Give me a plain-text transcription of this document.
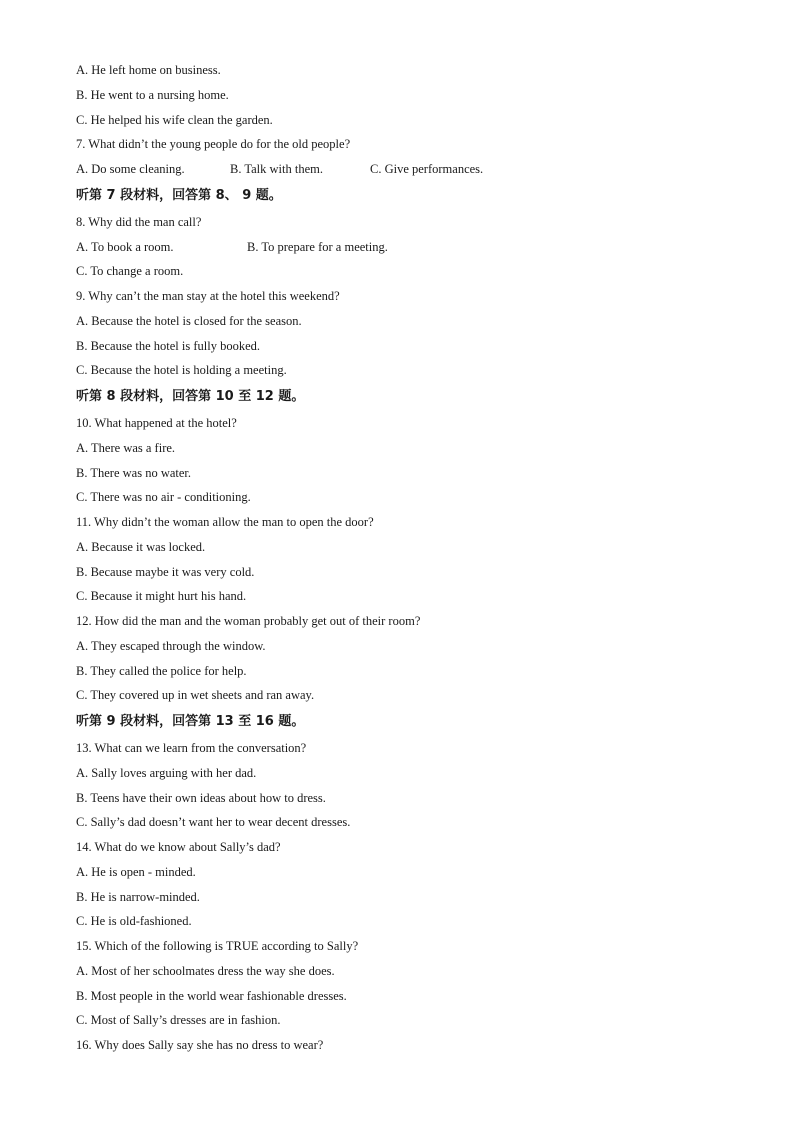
A. He left home on business.
B. He went to a nursing home.
C. He helped his wife clean the garden.
7. What didn’t the young people do for the old people?
A. Do some cleaning.	B. Talk with them.	C. Give performances.
听第 7 段材料，回答第 8、 9 题。
8. Why did the man call?
A. To book a room.	B. To prepare for a meeting.
C. To change a room.
9. Why can’t the man stay at the hotel this weekend?
A. Because the hotel is closed for the season.
B. Because the hotel is fully booked.
C. Because the hotel is holding a meeting.
听第 8 段材料，回答第 10 至 12 题。
10. What happened at the hotel?
A. There was a fire.
B. There was no water.
C. There was no air - conditioning.
11. Why didn’t the woman allow the man to open the door?
A. Because it was locked.
B. Because maybe it was very cold.
C. Because it might hurt his hand.
12. How did the man and the woman probably get out of their room?
A. They escaped through the window.
B. They called the police for help.
C. They covered up in wet sheets and ran away.
听第 9 段材料，回答第 13 至 16 题。
13. What can we learn from the conversation?
A. Sally loves arguing with her dad.
B. Teens have their own ideas about how to dress.
C. Sally’s dad doesn’t want her to wear decent dresses.
14. What do we know about Sally’s dad?
A. He is open - minded.
B. He is narrow-minded.
C. He is old-fashioned.
15. Which of the following is TRUE according to Sally?
A. Most of her schoolmates dress the way she does.
B. Most people in the world wear fashionable dresses.
C. Most of Sally’s dresses are in fashion.
16. Why does Sally say she has no dress to wear?
